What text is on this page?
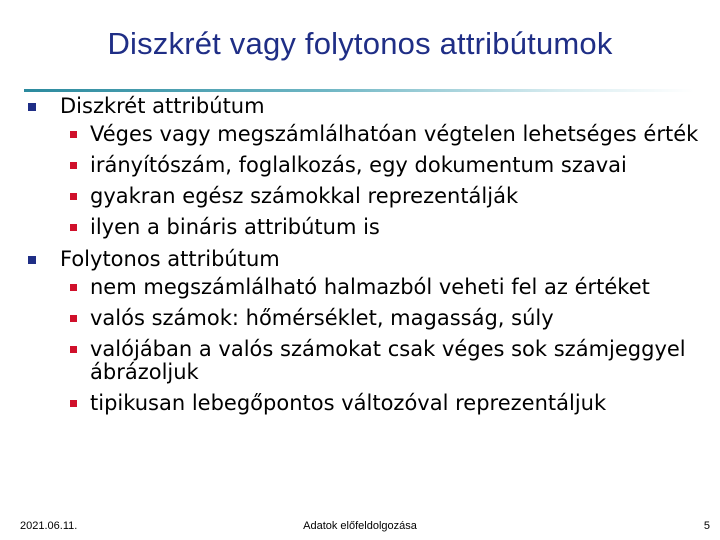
Diszkrét vagy folytonos attribútumok
Diszkrét attribútum
Véges vagy megszámlálhatóan végtelen lehetséges érték
irányítószám, foglalkozás, egy dokumentum szavai
gyakran egész számokkal reprezentálják
ilyen a bináris attribútum is
Folytonos attribútum
nem megszámlálható halmazból veheti fel az értéket
valós számok: hőmérséklet, magasság, súly
valójában a valós számokat csak véges sok számjeggyel ábrázoljuk
tipikusan lebegőpontos változóval reprezentáljuk
2021.06.11.	Adatok előfeldolgozása	5
